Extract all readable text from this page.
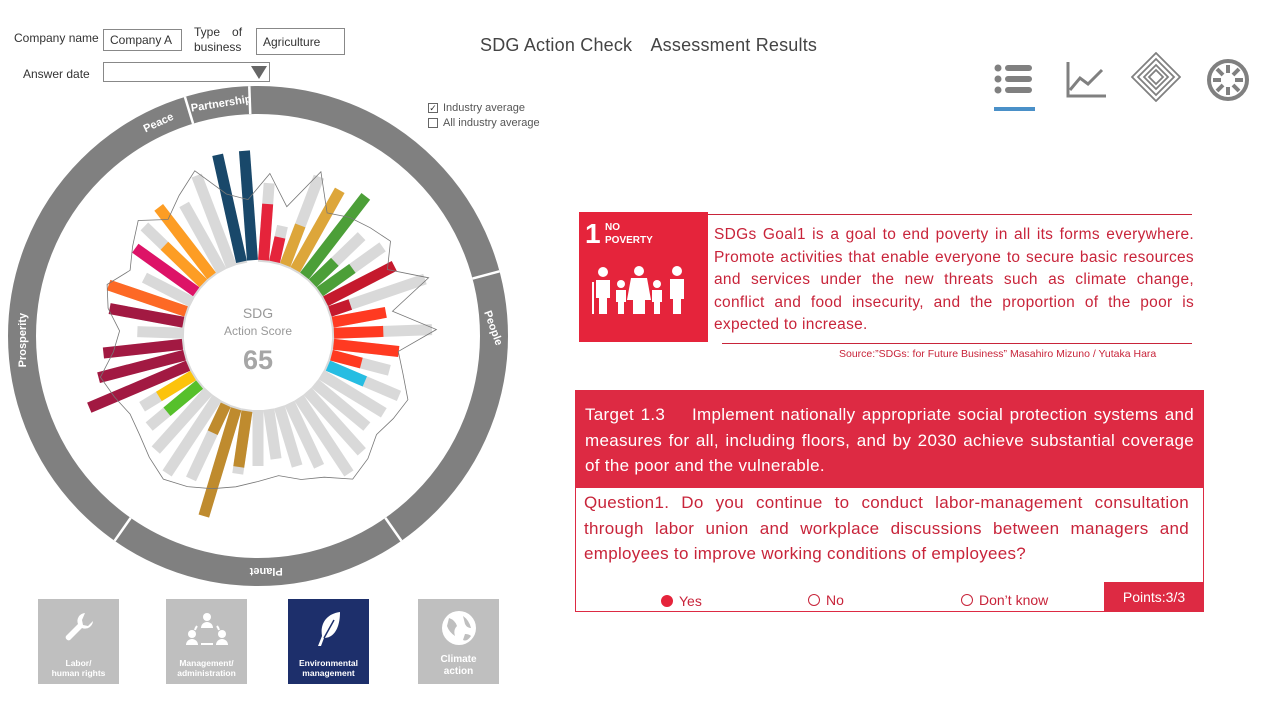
Company name Company A
Type　of
business	Agriculture
Answer date
SDG Action Check　Assessment Results
✓ Industry average
All industry average
Partnership
Peace
Prosperity
Planet
People
SDG
Action Score
65
1 NO
POVERTY	SDGs Goal1 is a goal to end poverty in all its forms everywhere. Promote activities that enable everyone to secure basic resources and services under the new threats such as climate change, conflict and food insecurity, and the proportion of the poor is expected to increase.
Source:”SDGs: for Future Business” Masahiro Mizuno / Yutaka Hara
Target 1.3　 Implement nationally appropriate social protection systems and measures for all, including floors, and by 2030 achieve substantial coverage of the poor and the vulnerable.
Question1. Do you continue to conduct labor-management consultation through labor union and workplace discussions between managers and employees to improve working conditions of employees?
Yes	No	Don’t know	Points:3/3
Labor/
human rights
Management/
administration
Environmental
management
Climate
action
